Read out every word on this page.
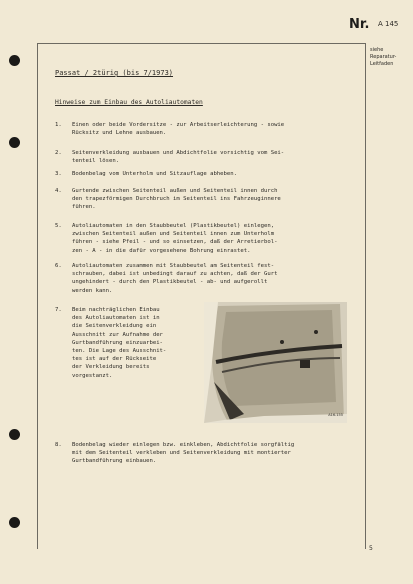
Nr. A 145
siehe
Reparatur-
Leitfaden
Passat / 2türig (bis 7/1973)
Hinweise zum Einbau des Autoliautomaten
1. Einen oder beide Vordersitze - zur Arbeitserleichterung - sowie
Rücksitz und Lehne ausbauen.
2. Seitenverkleidung ausbauen und Abdichtfolie vorsichtig vom Sei-
tenteil lösen.
3. Bodenbelag vom Unterholm und Sitzauflage abheben.
4. Gurtende zwischen Seitenteil außen und Seitenteil innen durch
den trapezförmigen Durchbruch im Seitenteil ins Fahrzeuginnere
führen.
5. Autoliautomaten in den Staubbeutel (Plastikbeutel) einlegen,
zwischen Seitenteil außen und Seitenteil innen zum Unterholm
führen - siehe Pfeil - und so einsetzen, daß der Arretierbol-
zen - A - in die dafür vorgesehene Bohrung einrastet.
6. Autoliautomaten zusammen mit Staubbeutel am Seitenteil fest-
schrauben, dabei ist unbedingt darauf zu achten, daß der Gurt
ungehindert - durch den Plastikbeutel - ab- und aufgerollt
werden kann.
7. Beim nachträglichen Einbau
des Autoliautomaten ist in
die Seitenverkleidung ein
Ausschnitt zur Aufnahme der
Gurtbandführung einzuarbei-
ten. Die Lage des Ausschnit-
tes ist auf der Rückseite
der Verkleidung bereits
vorgestanzt.
8. Bodenbelag wieder einlegen bzw. einkleben, Abdichtfolie sorgfältig
mit dem Seitenteil verkleben und Seitenverkleidung mit montierter
Gurtbandführung einbauen.
A16-155
5
